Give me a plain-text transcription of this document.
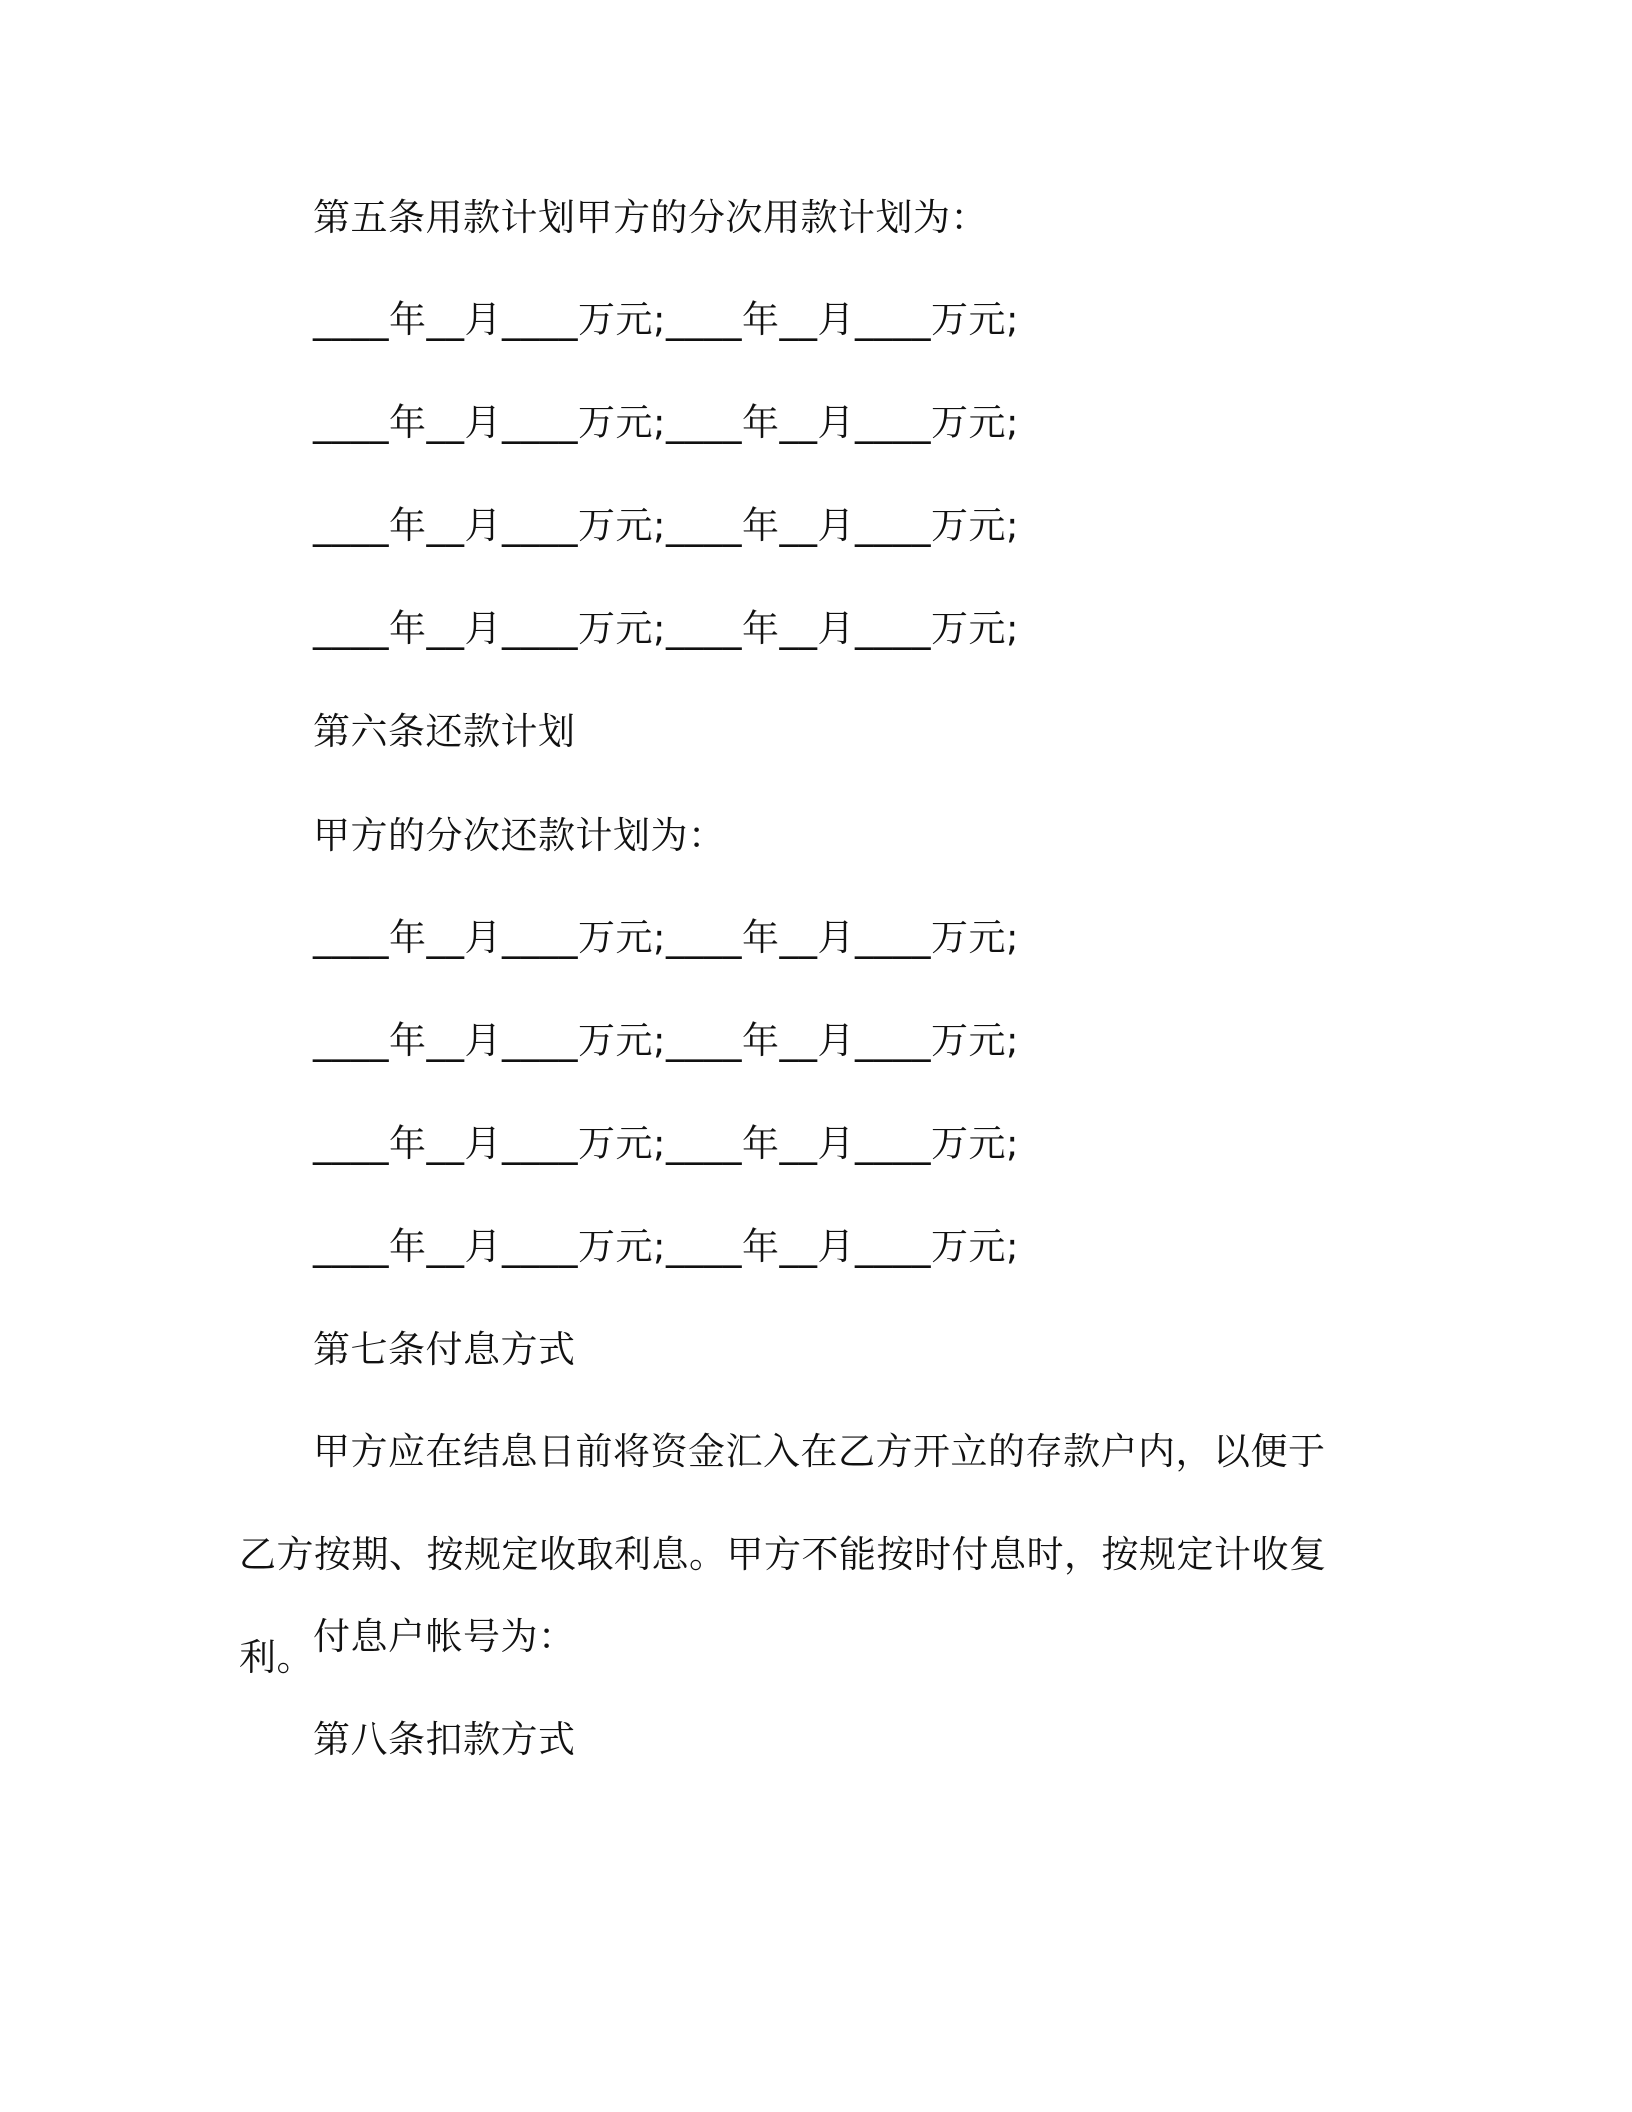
第五条用款计划甲方的分次用款计划为：
____年__月____万元;____年__月____万元;
____年__月____万元;____年__月____万元;
____年__月____万元;____年__月____万元;
____年__月____万元;____年__月____万元;
第六条还款计划
甲方的分次还款计划为：
____年__月____万元;____年__月____万元;
____年__月____万元;____年__月____万元;
____年__月____万元;____年__月____万元;
____年__月____万元;____年__月____万元;
第七条付息方式
甲方应在结息日前将资金汇入在乙方开立的存款户内，以便于乙方按期、按规定收取利息。甲方不能按时付息时，按规定计收复利。 付息户帐号为：
第八条扣款方式
